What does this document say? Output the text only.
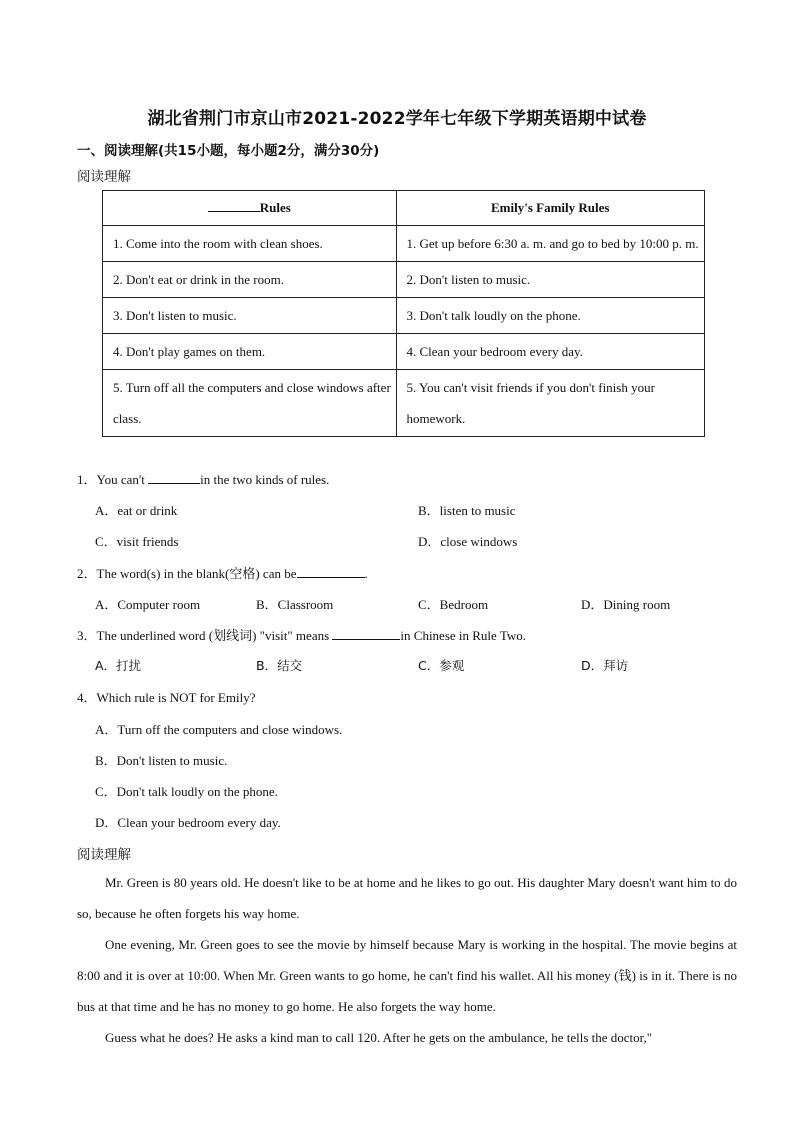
湖北省荆门市京山市2021-2022学年七年级下学期英语期中试卷
一、阅读理解(共15小题，每小题2分，满分30分)
阅读理解
Rules	Emily's Family Rules
1. Come into the room with clean shoes.	1. Get up before 6:30 a. m. and go to bed by 10:00 p. m.
2. Don't eat or drink in the room.	2. Don't listen to music.
3. Don't listen to music.	3. Don't talk loudly on the phone.
4. Don't play games on them.	4. Clean your bedroom every day.
5. Turn off all the computers and close windows after class.	5. You can't visit friends if you don't finish your homework.
1．You can't	in the two kinds of rules.
A．eat or drink	B．listen to music
C．visit friends	D．close windows
2．The word(s) in the blank(空格) can be	.
A．Computer room	B．Classroom	C．Bedroom	D．Dining room
3．The underlined word (划线词) "visit" means	in Chinese in Rule Two.
A．打扰	B．结交	C．参观	D．拜访
4．Which rule is NOT for Emily?
A．Turn off the computers and close windows.
B．Don't listen to music.
C．Don't talk loudly on the phone.
D．Clean your bedroom every day.
阅读理解
Mr. Green is 80 years old. He doesn't like to be at home and he likes to go out. His daughter Mary doesn't want him to do so, because he often forgets his way home.
One evening, Mr. Green goes to see the movie by himself because Mary is working in the hospital. The movie begins at 8:00 and it is over at 10:00. When Mr. Green wants to go home, he can't find his wallet. All his money (钱) is in it. There is no bus at that time and he has no money to go home. He also forgets the way home.
Guess what he does? He asks a kind man to call 120. After he gets on the ambulance, he tells the doctor,"
